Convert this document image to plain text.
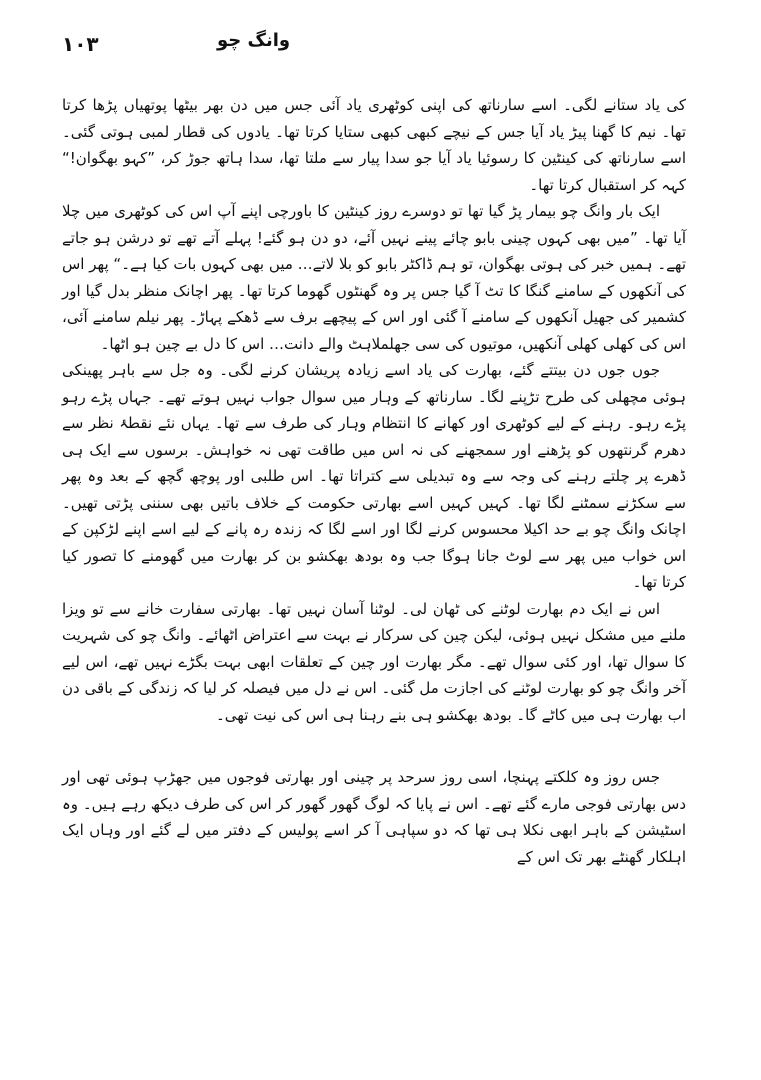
۱۰۳	وانگ چو

کی یاد ستانے لگی۔ اسے سارناتھ کی اپنی کوٹھری یاد آئی جس میں دن بھر بیٹھا پوتھیاں پڑھا کرتا تھا۔ نیم کا گھنا پیڑ یاد آیا جس کے نیچے کبھی کبھی ستایا کرتا تھا۔ یادوں کی قطار لمبی ہوتی گئی۔ اسے سارناتھ کی کینٹین کا رسوئیا یاد آیا جو سدا پیار سے ملتا تھا، سدا ہاتھ جوڑ کر، ”کہو بھگوان!“ کہہ کر استقبال کرتا تھا۔

ایک بار وانگ چو بیمار پڑ گیا تھا تو دوسرے روز کینٹین کا باورچی اپنے آپ اس کی کوٹھری میں چلا آیا تھا۔ ”میں بھی کہوں چینی بابو چائے پینے نہیں آئے، دو دن ہو گئے! پہلے آتے تھے تو درشن ہو جاتے تھے۔ ہمیں خبر کی ہوتی بھگوان، تو ہم ڈاکٹر بابو کو بلا لاتے… میں بھی کہوں بات کیا ہے۔“ پھر اس کی آنکھوں کے سامنے گنگا کا تٹ آ گیا جس پر وہ گھنٹوں گھوما کرتا تھا۔ پھر اچانک منظر بدل گیا اور کشمیر کی جھیل آنکھوں کے سامنے آ گئی اور اس کے پیچھے برف سے ڈھکے پہاڑ۔ پھر نیلم سامنے آئی، اس کی کھلی کھلی آنکھیں، موتیوں کی سی جھلملاہٹ والے دانت… اس کا دل بے چین ہو اٹھا۔

جوں جوں دن بیتتے گئے، بھارت کی یاد اسے زیادہ پریشان کرنے لگی۔ وہ جل سے باہر پھینکی ہوئی مچھلی کی طرح تڑپنے لگا۔ سارناتھ کے وہار میں سوال جواب نہیں ہوتے تھے۔ جہاں پڑے رہو پڑے رہو۔ رہنے کے لیے کوٹھری اور کھانے کا انتظام وہار کی طرف سے تھا۔ یہاں نئے نقطۂ نظر سے دھرم گرنتھوں کو پڑھنے اور سمجھنے کی نہ اس میں طاقت تھی نہ خواہش۔ برسوں سے ایک ہی ڈھرے پر چلتے رہنے کی وجہ سے وہ تبدیلی سے کتراتا تھا۔ اس طلبی اور پوچھ گچھ کے بعد وہ پھر سے سکڑنے سمٹنے لگا تھا۔ کہیں کہیں اسے بھارتی حکومت کے خلاف باتیں بھی سننی پڑتی تھیں۔ اچانک وانگ چو بے حد اکیلا محسوس کرنے لگا اور اسے لگا کہ زندہ رہ پانے کے لیے اسے اپنے لڑکپن کے اس خواب میں پھر سے لوٹ جانا ہوگا جب وہ بودھ بھکشو بن کر بھارت میں گھومنے کا تصور کیا کرتا تھا۔

اس نے ایک دم بھارت لوٹنے کی ٹھان لی۔ لوٹنا آسان نہیں تھا۔ بھارتی سفارت خانے سے تو ویزا ملنے میں مشکل نہیں ہوئی، لیکن چین کی سرکار نے بہت سے اعتراض اٹھائے۔ وانگ چو کی شہریت کا سوال تھا، اور کئی سوال تھے۔ مگر بھارت اور چین کے تعلقات ابھی بہت بگڑے نہیں تھے، اس لیے آخر وانگ چو کو بھارت لوٹنے کی اجازت مل گئی۔ اس نے دل میں فیصلہ کر لیا کہ زندگی کے باقی دن اب بھارت ہی میں کاٹے گا۔ بودھ بھکشو ہی بنے رہنا ہی اس کی نیت تھی۔

جس روز وہ کلکتے پہنچا، اسی روز سرحد پر چینی اور بھارتی فوجوں میں جھڑپ ہوئی تھی اور دس بھارتی فوجی مارے گئے تھے۔ اس نے پایا کہ لوگ گھور گھور کر اس کی طرف دیکھ رہے ہیں۔ وہ اسٹیشن کے باہر ابھی نکلا ہی تھا کہ دو سپاہی آ کر اسے پولیس کے دفتر میں لے گئے اور وہاں ایک اہلکار گھنٹے بھر تک اس کے
